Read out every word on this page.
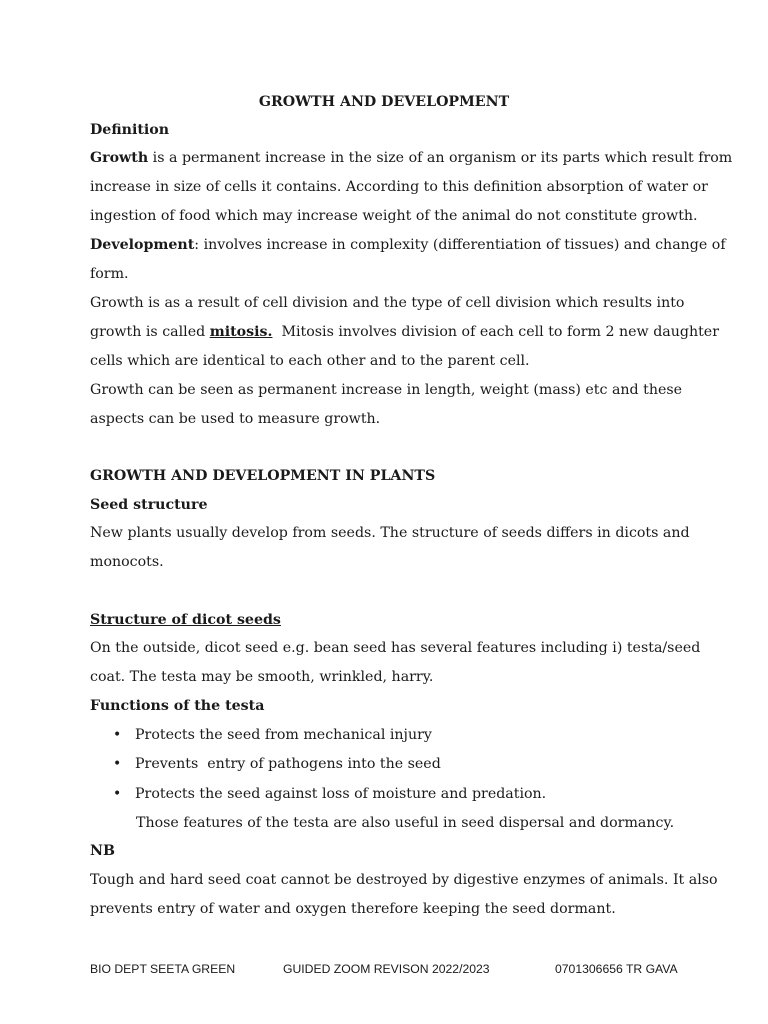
GROWTH AND DEVELOPMENT
Definition
Growth is a permanent increase in the size of an organism or its parts which result from
increase in size of cells it contains. According to this definition absorption of water or
ingestion of food which may increase weight of the animal do not constitute growth.
Development: involves increase in complexity (differentiation of tissues) and change of
form.
Growth is as a result of cell division and the type of cell division which results into
growth is called mitosis.  Mitosis involves division of each cell to form 2 new daughter
cells which are identical to each other and to the parent cell.
Growth can be seen as permanent increase in length, weight (mass) etc and these
aspects can be used to measure growth.
GROWTH AND DEVELOPMENT IN PLANTS
Seed structure
New plants usually develop from seeds. The structure of seeds differs in dicots and
monocots.
Structure of dicot seeds
On the outside, dicot seed e.g. bean seed has several features including i) testa/seed
coat. The testa may be smooth, wrinkled, harry.
Functions of the testa
• Protects the seed from mechanical injury
• Prevents  entry of pathogens into the seed
• Protects the seed against loss of moisture and predation.
Those features of the testa are also useful in seed dispersal and dormancy.
NB
Tough and hard seed coat cannot be destroyed by digestive enzymes of animals. It also
prevents entry of water and oxygen therefore keeping the seed dormant.
BIO DEPT SEETA GREEN	GUIDED ZOOM REVISON 2022/2023	0701306656 TR GAVA
